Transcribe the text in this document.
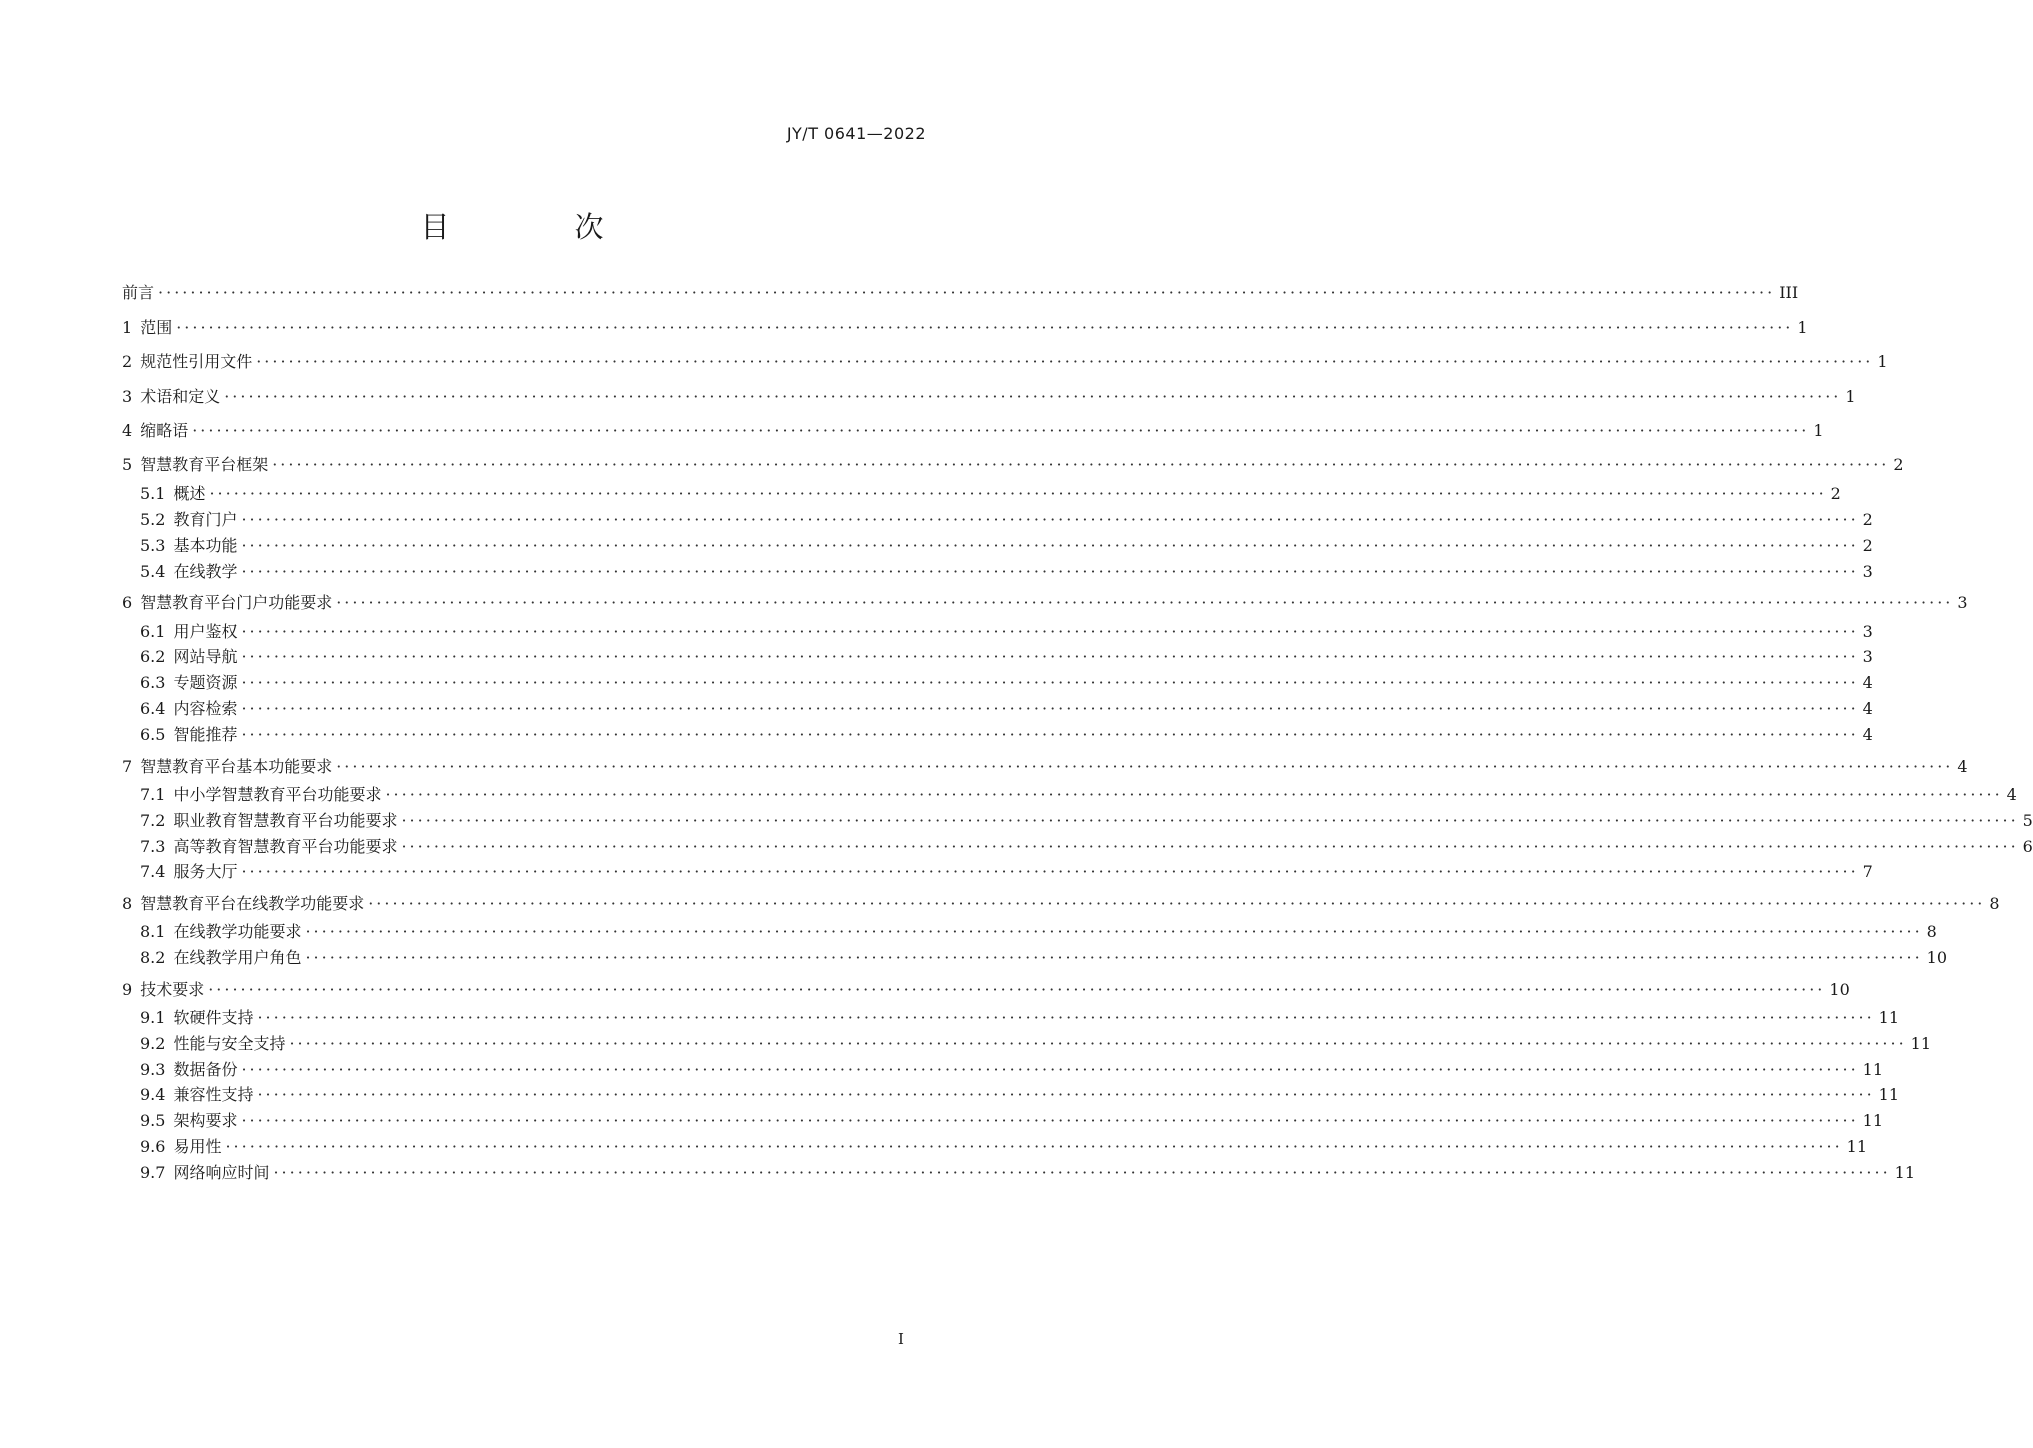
JY/T 0641—2022
目　次
前言 ········································································································································································································ III
1 范围 ········································································································································································································ 1
2 规范性引用文件 ········································································································································································································ 1
3 术语和定义 ········································································································································································································ 1
4 缩略语 ········································································································································································································ 1
5 智慧教育平台框架 ········································································································································································································ 2
5.1 概述 ········································································································································································································ 2
5.2 教育门户 ········································································································································································································ 2
5.3 基本功能 ········································································································································································································ 2
5.4 在线教学 ········································································································································································································ 3
6 智慧教育平台门户功能要求 ········································································································································································································ 3
6.1 用户鉴权 ········································································································································································································ 3
6.2 网站导航 ········································································································································································································ 3
6.3 专题资源 ········································································································································································································ 4
6.4 内容检索 ········································································································································································································ 4
6.5 智能推荐 ········································································································································································································ 4
7 智慧教育平台基本功能要求 ········································································································································································································ 4
7.1 中小学智慧教育平台功能要求 ········································································································································································································ 4
7.2 职业教育智慧教育平台功能要求 ········································································································································································································ 5
7.3 高等教育智慧教育平台功能要求 ········································································································································································································ 6
7.4 服务大厅 ········································································································································································································ 7
8 智慧教育平台在线教学功能要求 ········································································································································································································ 8
8.1 在线教学功能要求 ········································································································································································································ 8
8.2 在线教学用户角色 ········································································································································································································ 10
9 技术要求 ········································································································································································································ 10
9.1 软硬件支持 ········································································································································································································ 11
9.2 性能与安全支持 ········································································································································································································ 11
9.3 数据备份 ········································································································································································································ 11
9.4 兼容性支持 ········································································································································································································ 11
9.5 架构要求 ········································································································································································································ 11
9.6 易用性 ········································································································································································································ 11
9.7 网络响应时间 ········································································································································································································ 11
I
